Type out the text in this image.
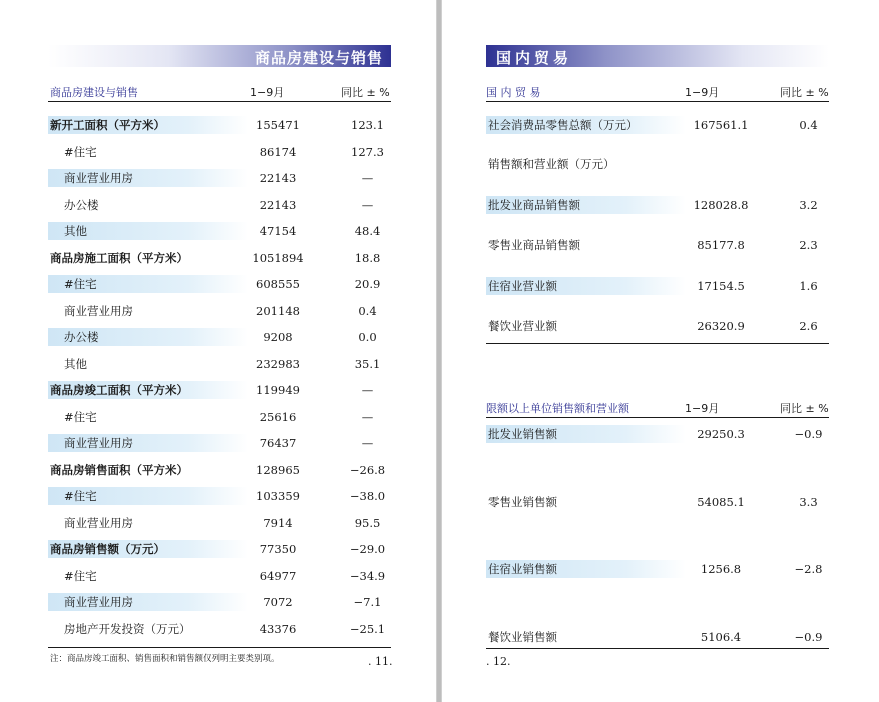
商品房建设与销售
商品房建设与销售	1−9月	同比 ± %
新开工面积（平方米）	155471	123.1
#住宅	86174	127.3
商业营业用房	22143	—
办公楼	22143	—
其他	47154	48.4
商品房施工面积（平方米）	1051894	18.8
#住宅	608555	20.9
商业营业用房	201148	0.4
办公楼	9208	0.0
其他	232983	35.1
商品房竣工面积（平方米）	119949	—
#住宅	25616	—
商业营业用房	76437	—
商品房销售面积（平方米）	128965	−26.8
#住宅	103359	−38.0
商业营业用房	7914	95.5
商品房销售额（万元）	77350	−29.0
#住宅	64977	−34.9
商业营业用房	7072	−7.1
房地产开发投资（万元）	43376	−25.1
注：商品房竣工面积、销售面积和销售额仅列明主要类别项。	. 11.
国内贸易
国 内 贸 易	1−9月	同比 ± %
社会消费品零售总额（万元）	167561.1	0.4
销售额和营业额（万元）
批发业商品销售额	128028.8	3.2
零售业商品销售额	85177.8	2.3
住宿业营业额	17154.5	1.6
餐饮业营业额	26320.9	2.6
限额以上单位销售额和营业额	1−9月	同比 ± %
批发业销售额	29250.3	−0.9
零售业销售额	54085.1	3.3
住宿业销售额	1256.8	−2.8
餐饮业销售额	5106.4	−0.9
. 12.
